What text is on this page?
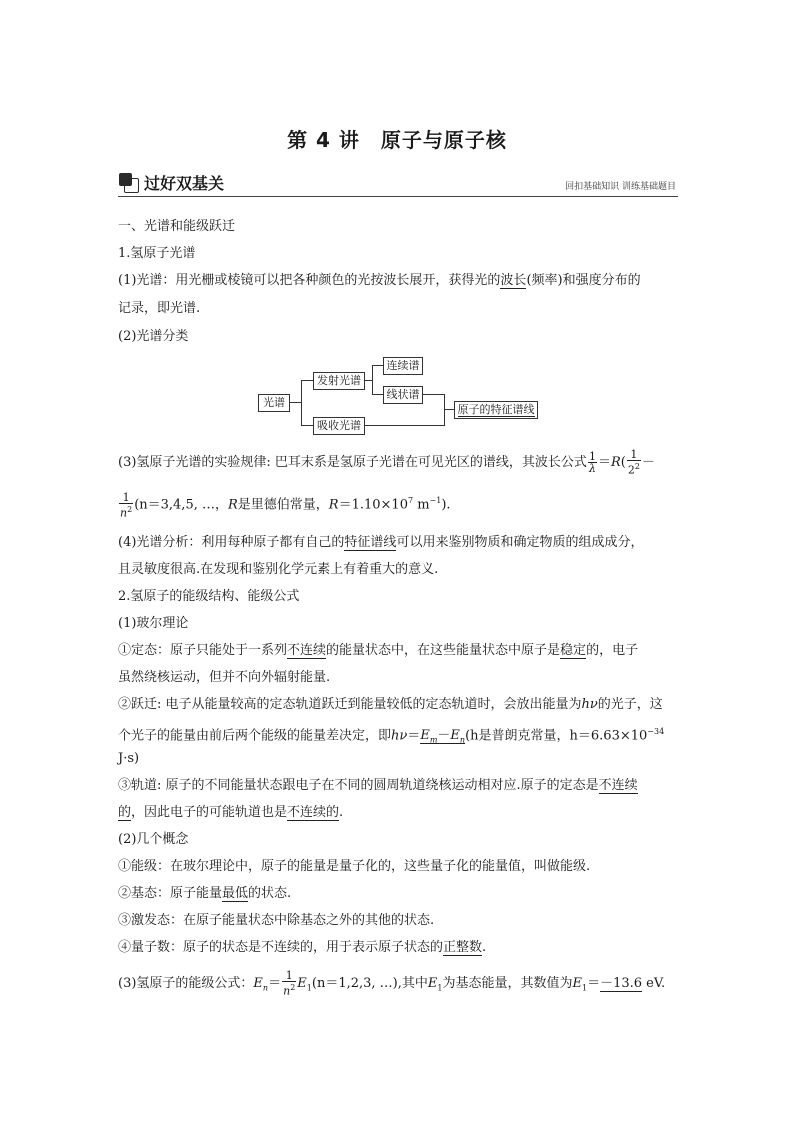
第 4 讲　原子与原子核
过好双基关	回扣基础知识 训练基础题目
一、光谱和能级跃迁
1.氢原子光谱
(1)光谱：用光栅或棱镜可以把各种颜色的光按波长展开，获得光的波长(频率)和强度分布的
记录，即光谱.
(2)光谱分类
光谱
发射光谱
吸收光谱
连续谱
线状谱
原子的特征谱线
(3)氢原子光谱的实验规律: 巴耳末系是氢原子光谱在可见光区的谱线，其波长公式 $\frac{1}{\lambda} =R( \frac{1}{2^2}$ －
$\frac{1}{n^2} (n=3,4,5$, …，R是里德伯常量，$R=1.10\times 10^7$ $m^{-1}$).
(4)光谱分析：利用每种原子都有自己的特征谱线可以用来鉴别物质和确定物质的组成成分，
且灵敏度很高.在发现和鉴别化学元素上有着重大的意义.
2.氢原子的能级结构、能级公式
(1)玻尔理论
①定态：原子只能处于一系列不连续的能量状态中，在这些能量状态中原子是稳定的，电子
虽然绕核运动，但并不向外辐射能量.
②跃迁: 电子从能量较高的定态轨道跃迁到能量较低的定态轨道时，会放出能量为hν的光子，这
个光子的能量由前后两个能级的能量差决定，即$h\nu=E_m-E_n(h$是普朗克常量，$h=6.63\times 10^{-34}$
J·s)
③轨道: 原子的不同能量状态跟电子在不同的圆周轨道绕核运动相对应.原子的定态是不连续
的，因此电子的可能轨道也是不连续的.
(2)几个概念
①能级：在玻尔理论中，原子的能量是量子化的，这些量子化的能量值，叫做能级.
②基态：原子能量最低的状态.
③激发态：在原子能量状态中除基态之外的其他的状态.
④量子数：原子的状态是不连续的，用于表示原子状态的正整数.
(3)氢原子的能级公式：$E_n= \frac{1}{n^2} E_1(n=1,2,3$, …),其中$E_1$为基态能量，其数值为$E_1=-13.6$ eV.
